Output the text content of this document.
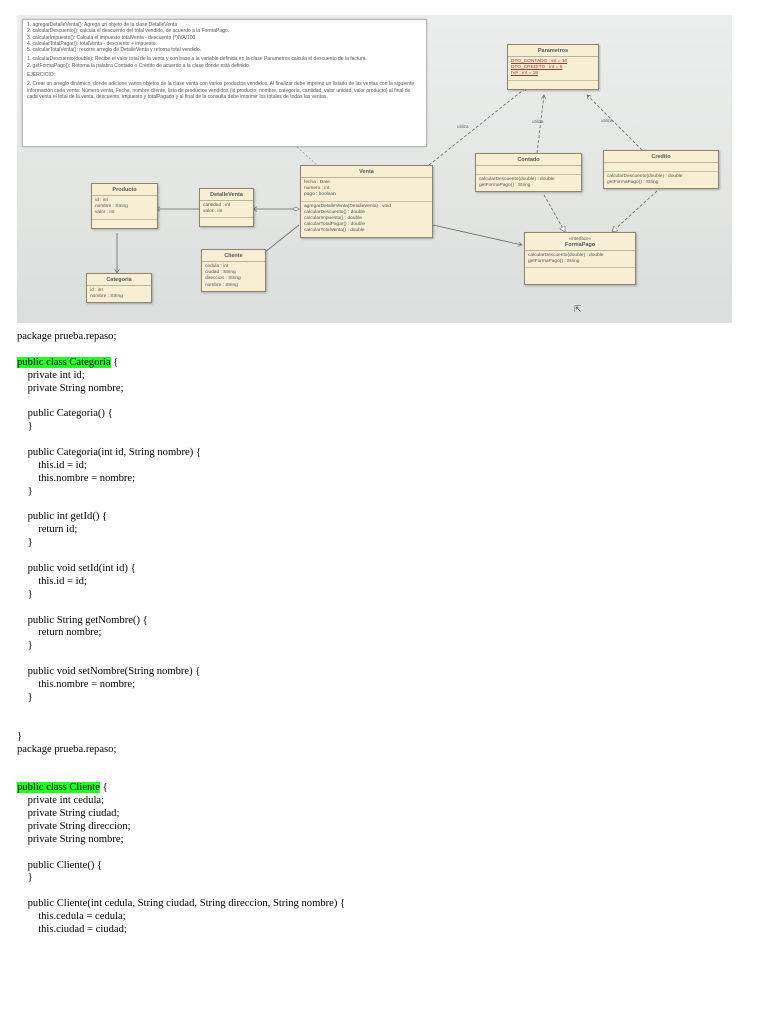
1. agregarDetalleVenta(): Agrega un objeto de la clase DetalleVenta
2. calcularDescuento(): calcula el descuento del total vendido, de acuerdo a la FormaPago.
3. calcularImpuesto(): Calcula el impuesto totalVenta - descuento (*)IVA/100
4. calcularTotalPagar(): totalVenta - descuento + impuesto.
5. calcularTotalVenta(): recorre arreglo de DetalleVenta y retorna total vendido.

1. calcularDescuento(double): Recibe el valor total de la venta y con base a la variable definida en la clase Parametros calcula el descuento de la factura.
2. getFormaPago(): Retorna la palabra Contado o Crédito de acuerdo a la clase donde está definido.

EJERCICIO:

2. Crear un arreglo dinámico, donde adicione varios objetos de la clase venta con varios productos vendidos. Al finalizar debe imprimir un listado de las ventas con la siguiente información cada venta: Número venta, Fecha, nombre cliente, lista de productos vendidos (id producto, nombre, categoría, cantidad, valor unidad, valor producto) al final de cada venta el total de la venta, descuento, impuesto y totalPagado y al final de la consulta debe imprimir los totales de todas las ventas.

utiliza
utiliza	utiliza
Parametros
DTO_CONTADO : int = 10
DTO_CREDITO : int = 5
IVA : int = 19
Contado
calcularDescuento(double) : double
getFormaPago() : String
Credito
calcularDescuento(double) : double
getFormaPago() : String
Venta
fecha : Date
numero : int
pago : boolean
agregarDetalleVenta(DetalleVenta) : void
calcularDescuento() : double
calcularImpuesto() : double
calcularTotalPagar() : double
calcularTotalVenta() : double
Producto
id : int
nombre : String
valor : int
DetalleVenta
cantidad : int
valor : int
Cliente
cedula : int
ciudad : String
direccion : String
nombre : String
Categoria
id : int
nombre : String
«interface»
FormaPago
calcularDescuento(double) : double
getFormaPago() : String
⇱
package prueba.repaso;
public class Categoria {
private int id;
private String nombre;
public Categoria() {
}
public Categoria(int id, String nombre) {
this.id = id;
this.nombre = nombre;
}
public int getId() {
return id;
}
public void setId(int id) {
this.id = id;
}
public String getNombre() {
return nombre;
}
public void setNombre(String nombre) {
this.nombre = nombre;
}
}
package prueba.repaso;
public class Cliente {
private int cedula;
private String ciudad;
private String direccion;
private String nombre;
public Cliente() {
}
public Cliente(int cedula, String ciudad, String direccion, String nombre) {
this.cedula = cedula;
this.ciudad = ciudad;
